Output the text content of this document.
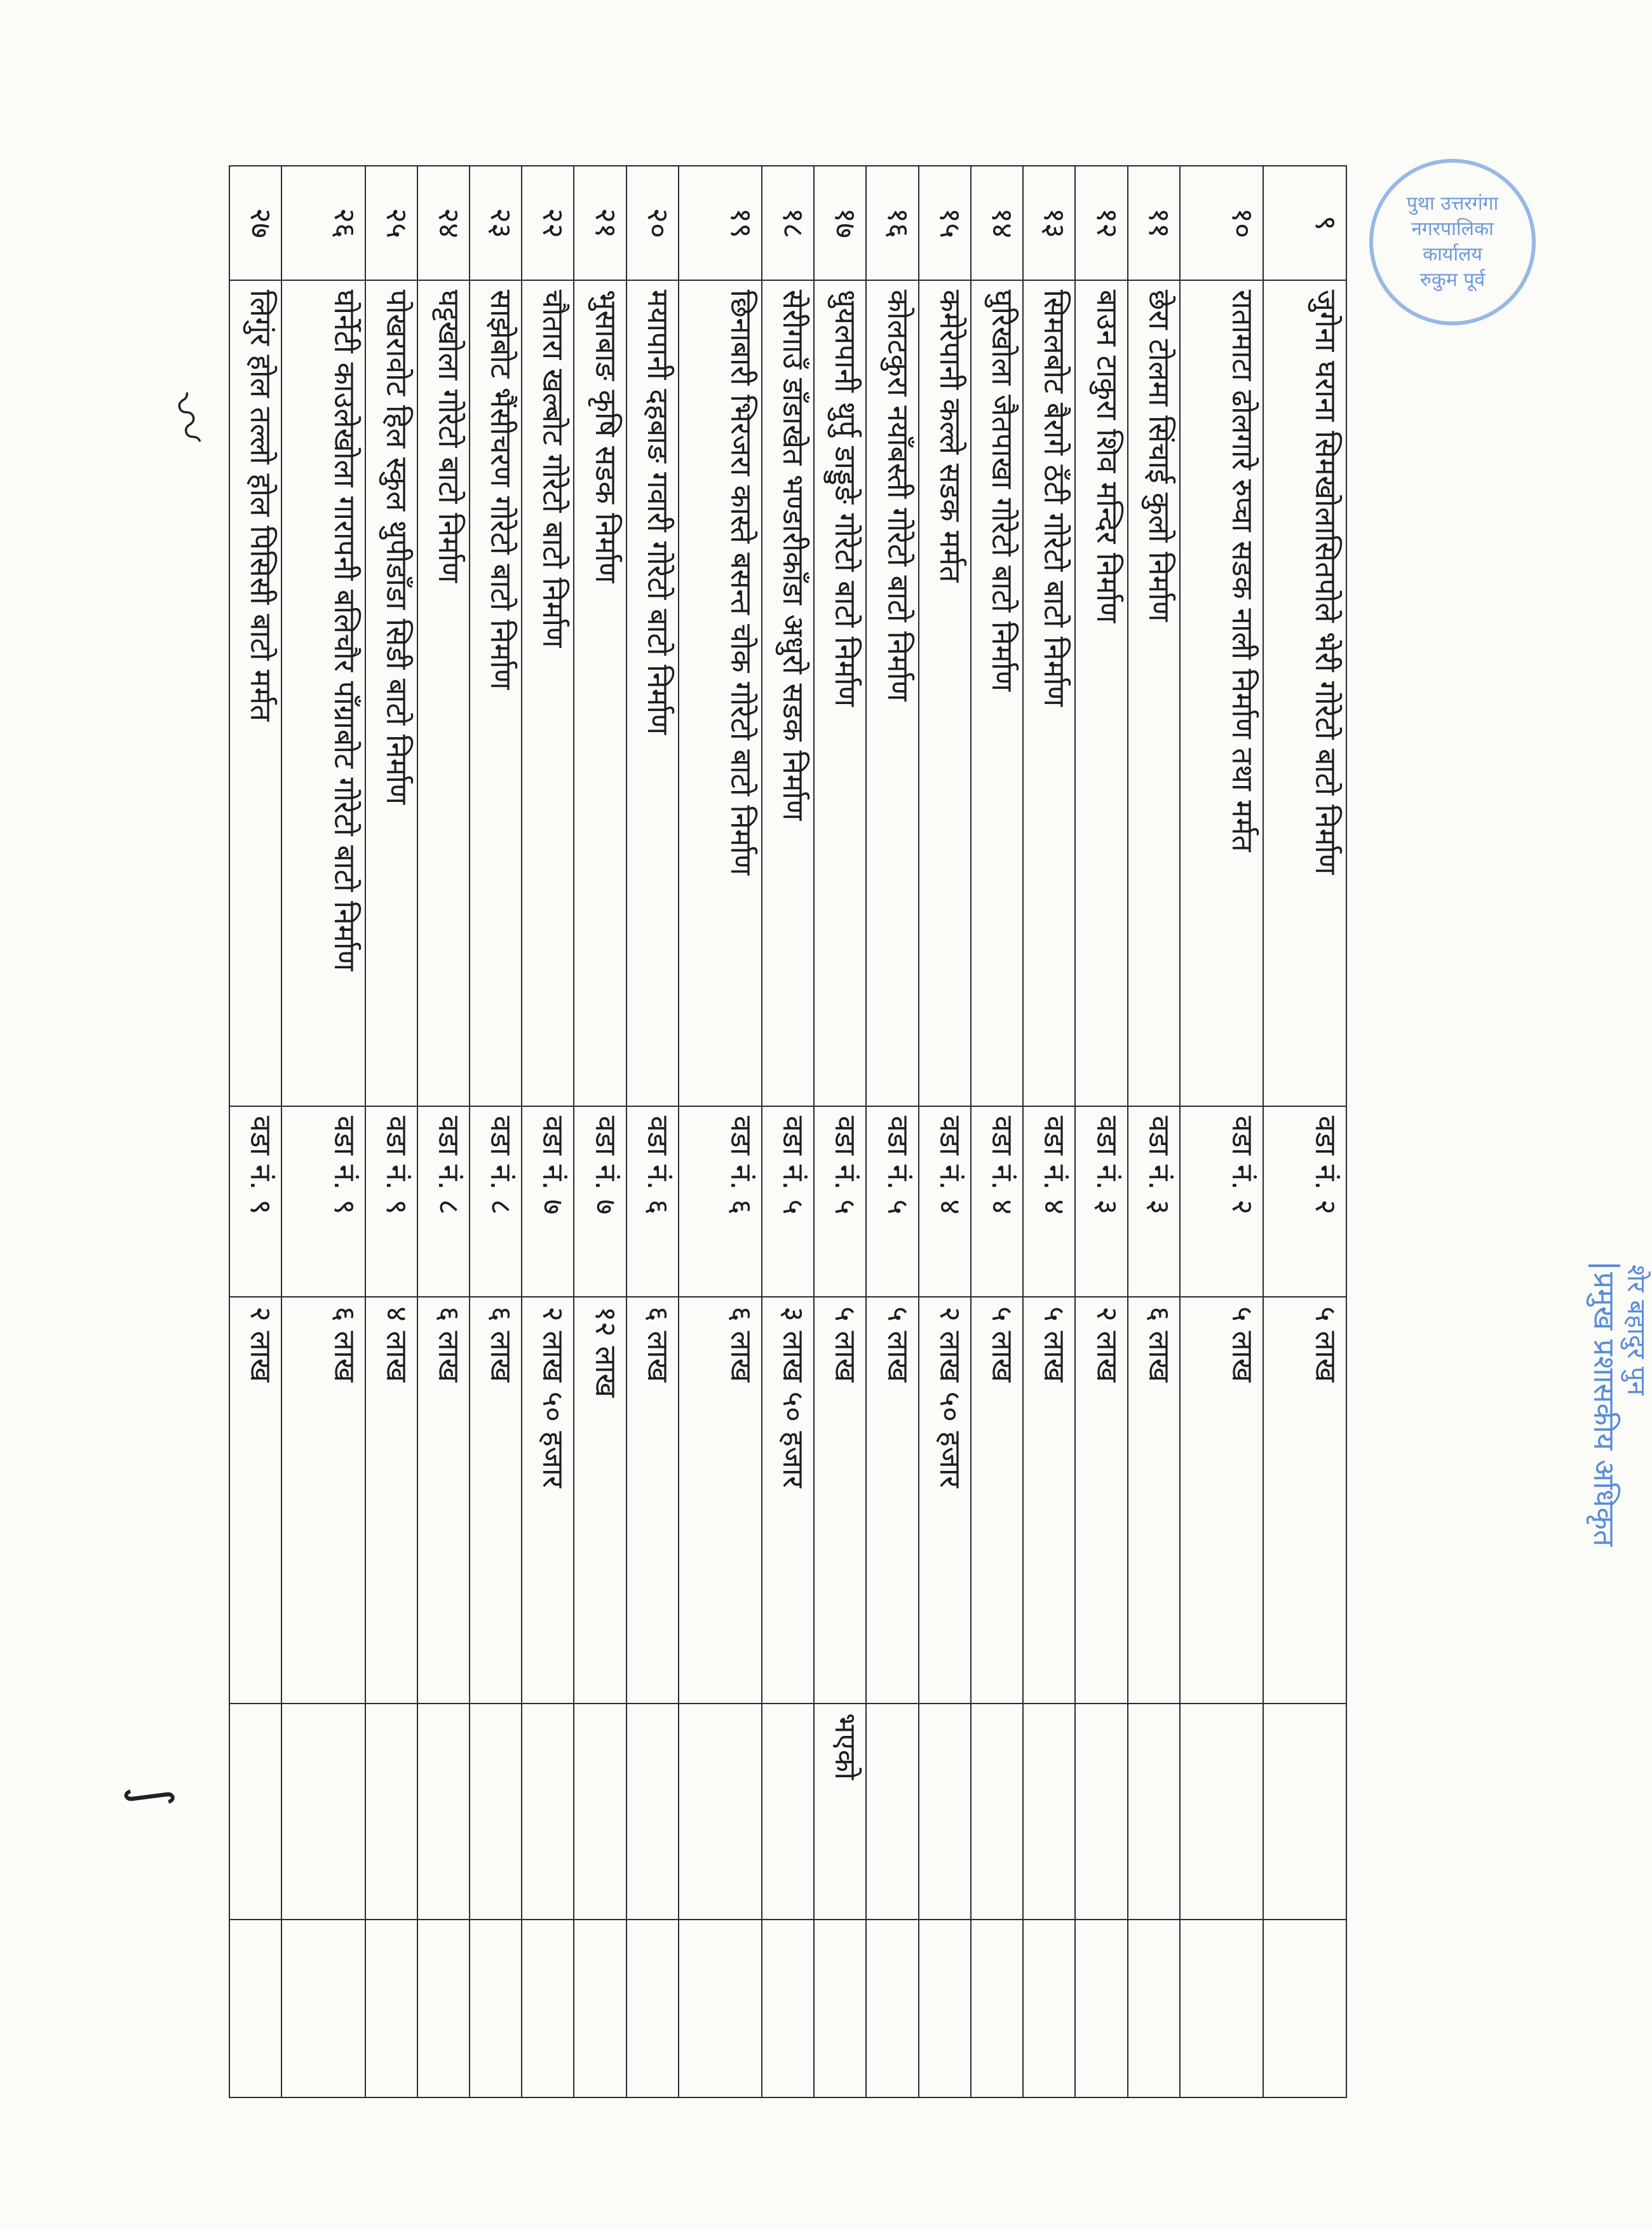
९	जुगेना घराना सिमखोलासितपोले भेरी गोरेटो बाटो निर्माण	वडा नं. २	५ लाख		
१०	रातामाटा ढोलगारे रुप्चा सडक नाली निर्माण तथा मर्मत	वडा नं. २	५ लाख		
११	छेरा टोलमा सिंचाई कुलो निर्माण	वडा नं. ३	६ लाख		
१२	बाउन टाकुरा शिव मन्दिर निर्माण	वडा नं. ३	२ लाख		
१३	सिमलबोट बैरागे ठँटी गोरेटो बाटो निर्माण	वडा नं. ४	५ लाख		
१४	घुरिखोला जैतपाखा गोरेटो बाटो निर्माण	वडा नं. ४	५ लाख		
१५	कमेरेपानी कल्ले सडक मर्मत	वडा नं. ४	२ लाख ५० हजार		
१६	कोलटकुरा नयाँबस्ती गोरेटो बाटो निर्माण	वडा नं. ५	५ लाख		
१७	धुयलपानी थुर्पु डाड्डुङे गोरेटो बाटो निर्माण	वडा नं. ५	५ लाख	भएको	
१८	सेरीगाउँ डाँडाखेत भण्डारीकाँडा अधुरो सडक निर्माण	वडा नं. ५	३ लाख ५० हजार		
१९	छिनाबारी भिरजरा कास्ते बसन्त चोक गोरेटो बाटो निर्माण	वडा नं. ६	६ लाख		
२०	मयापानी दहबाङ गवारी गोरेटो बाटो निर्माण	वडा नं. ६	६ लाख		
२१	भुसाबाङ कृषि सडक निर्माण	वडा नं. ७	१२ लाख		
२२	चौतारा खल्बोट गोरेटो बाटो निर्माण	वडा नं. ७	२ लाख ५० हजार		
२३	साझेबोट भैंसीचरण गोरेटो बाटो निर्माण	वडा नं. ८	६ लाख		
२४	घट्टखोला गोरेटो बाटो निर्माण	वडा नं. ८	६ लाख		
२५	पोखरावोट हिल स्कुल थुपीडाँडा सिडी बाटो निर्माण	वडा नं. ९	४ लाख		
२६	घोर्नेटी काउलेखोला गारापनी बलिचौर पाँग्राबोट गोरेटो बाटो निर्माण	वडा नं. ९	६ लाख		
२७	लिगुंर होल तल्लो होल पिसिसी बाटो मर्मत	वडा नं. ९	२ लाख		
पुथा उत्तरगंगा
नगरपालिका
कार्यालय
रुकुम पूर्व
〰
∫
शेर बहादुर पुन
प्रमुख प्रशासकीय अधिकृत
